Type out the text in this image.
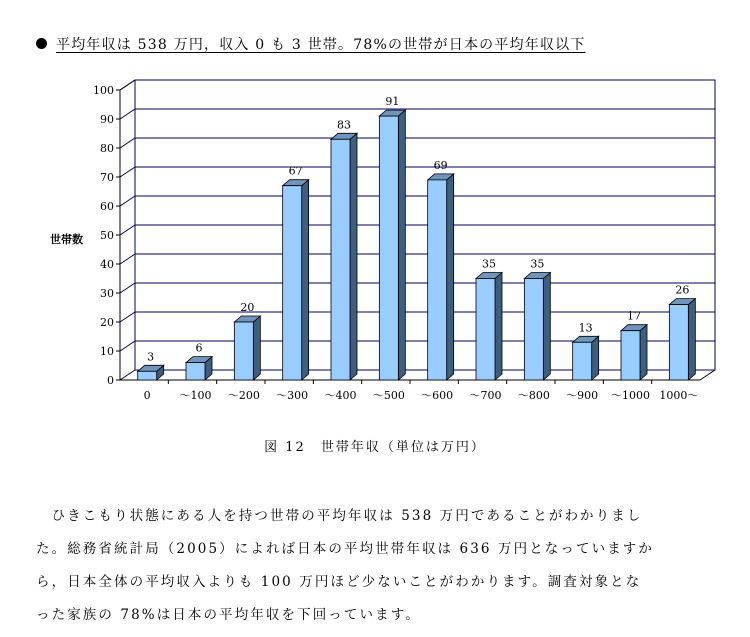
平均年収は 538 万円，収入 0 も 3 世帯。78%の世帯が日本の平均年収以下
0
10
20
30
40
50
60
70
80
90
100
3
0
6
～100
20
～200
67
～300
83
～400
91
～500
69
～600
35
～700
35
～800
13
～900
17
～1000
26
1000～
世帯数
図 12　世帯年収（単位は万円）
　ひきこもり状態にある人を持つ世帯の平均年収は 538 万円であることがわかりまし
た。総務省統計局（2005）によれば日本の平均世帯年収は 636 万円となっていますか
ら，日本全体の平均収入よりも 100 万円ほど少ないことがわかります。調査対象とな
った家族の 78%は日本の平均年収を下回っています。
